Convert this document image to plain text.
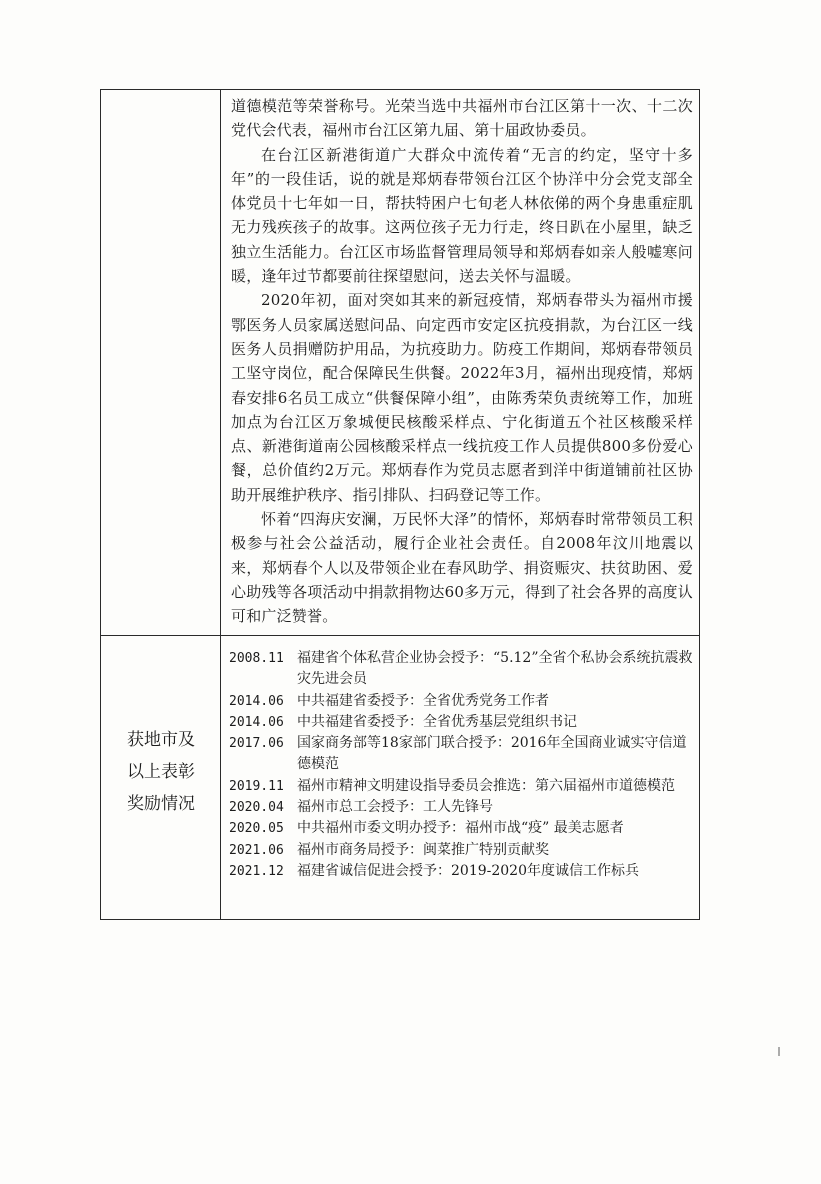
道德模范等荣誉称号。光荣当选中共福州市台江区第十一次、十二次党代会代表，福州市台江区第九届、第十届政协委员。

在台江区新港街道广大群众中流传着“无言的约定，坚守十多年”的一段佳话，说的就是郑炳春带领台江区个协洋中分会党支部全体党员十七年如一日，帮扶特困户七旬老人林依俤的两个身患重症肌无力残疾孩子的故事。这两位孩子无力行走，终日趴在小屋里，缺乏独立生活能力。台江区市场监督管理局领导和郑炳春如亲人般嘘寒问暖，逢年过节都要前往探望慰问，送去关怀与温暖。

2020年初，面对突如其来的新冠疫情，郑炳春带头为福州市援鄂医务人员家属送慰问品、向定西市安定区抗疫捐款，为台江区一线医务人员捐赠防护用品，为抗疫助力。防疫工作期间，郑炳春带领员工坚守岗位，配合保障民生供餐。2022年3月，福州出现疫情，郑炳春安排6名员工成立“供餐保障小组”，由陈秀荣负责统筹工作，加班加点为台江区万象城便民核酸采样点、宁化街道五个社区核酸采样点、新港街道南公园核酸采样点一线抗疫工作人员提供800多份爱心餐，总价值约2万元。郑炳春作为党员志愿者到洋中街道铺前社区协助开展维护秩序、指引排队、扫码登记等工作。

怀着“四海庆安澜，万民怀大泽”的情怀，郑炳春时常带领员工积极参与社会公益活动，履行企业社会责任。自2008年汶川地震以来，郑炳春个人以及带领企业在春风助学、捐资赈灾、扶贫助困、爱心助残等各项活动中捐款捐物达60多万元，得到了社会各界的高度认可和广泛赞誉。

获地市及
以上表彰
奖励情况
2008.11 福建省个体私营企业协会授予：“5.12”全省个私协会系统抗震救灾先进会员
2014.06 中共福建省委授予：全省优秀党务工作者
2014.06 中共福建省委授予：全省优秀基层党组织书记
2017.06 国家商务部等18家部门联合授予：2016年全国商业诚实守信道德模范
2019.11 福州市精神文明建设指导委员会推选：第六届福州市道德模范
2020.04 福州市总工会授予：工人先锋号
2020.05 中共福州市委文明办授予：福州市战“疫” 最美志愿者
2021.06 福州市商务局授予：闽菜推广特别贡献奖
2021.12 福建省诚信促进会授予：2019-2020年度诚信工作标兵
